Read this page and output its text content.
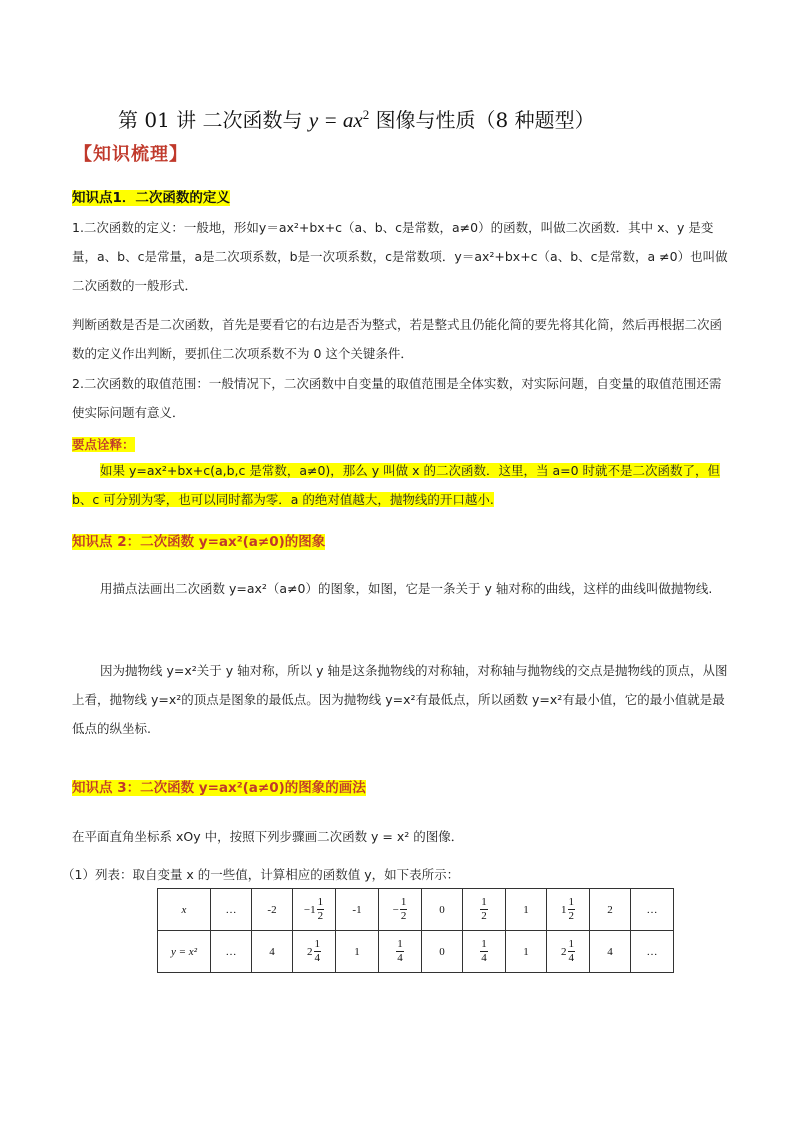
第 01 讲 二次函数与 $y = ax^2$ 图像与性质（8 种题型）
【知识梳理】
知识点1．二次函数的定义
1.二次函数的定义：一般地，形如y＝ax²+bx+c（a、b、c是常数，a≠0）的函数，叫做二次函数．其中 x、y 是变量，a、b、c是常量，a是二次项系数，b是一次项系数，c是常数项．y＝ax²+bx+c（a、b、c是常数，a ≠0）也叫做二次函数的一般形式．
判断函数是否是二次函数，首先是要看它的右边是否为整式，若是整式且仍能化简的要先将其化简，然后再根据二次函数的定义作出判断，要抓住二次项系数不为 0 这个关键条件．
2.二次函数的取值范围：一般情况下，二次函数中自变量的取值范围是全体实数，对实际问题，自变量的取值范围还需使实际问题有意义．
要点诠释：
如果 y=ax²+bx+c(a,b,c 是常数，a≠0)，那么 y 叫做 x 的二次函数．这里，当 a=0 时就不是二次函数了，但 b、c 可分别为零，也可以同时都为零．a 的绝对值越大，抛物线的开口越小.
知识点 2：二次函数 y=ax²(a≠0)的图象
用描点法画出二次函数 y=ax²（a≠0）的图象，如图，它是一条关于 y 轴对称的曲线，这样的曲线叫做抛物线.
因为抛物线 y=x²关于 y 轴对称，所以 y 轴是这条抛物线的对称轴，对称轴与抛物线的交点是抛物线的顶点，从图上看，抛物线 y=x²的顶点是图象的最低点。因为抛物线 y=x²有最低点，所以函数 y=x²有最小值，它的最小值就是最低点的纵坐标.
知识点 3：二次函数 y=ax²(a≠0)的图象的画法
在平面直角坐标系 xOy 中，按照下列步骤画二次函数 y = x² 的图像．
（1）列表：取自变量 x 的一些值，计算相应的函数值 y，如下表所示：
x	…	-2	$-1 \frac{1}{2}$	-1	− $\frac{1}{2}$	0	$\frac{1}{2}$	1	$1 \frac{1}{2}$	2	…
y = x²	…	4	$2 \frac{1}{4}$	1	$\frac{1}{4}$	0	$\frac{1}{4}$	1	$2 \frac{1}{4}$	4	…
